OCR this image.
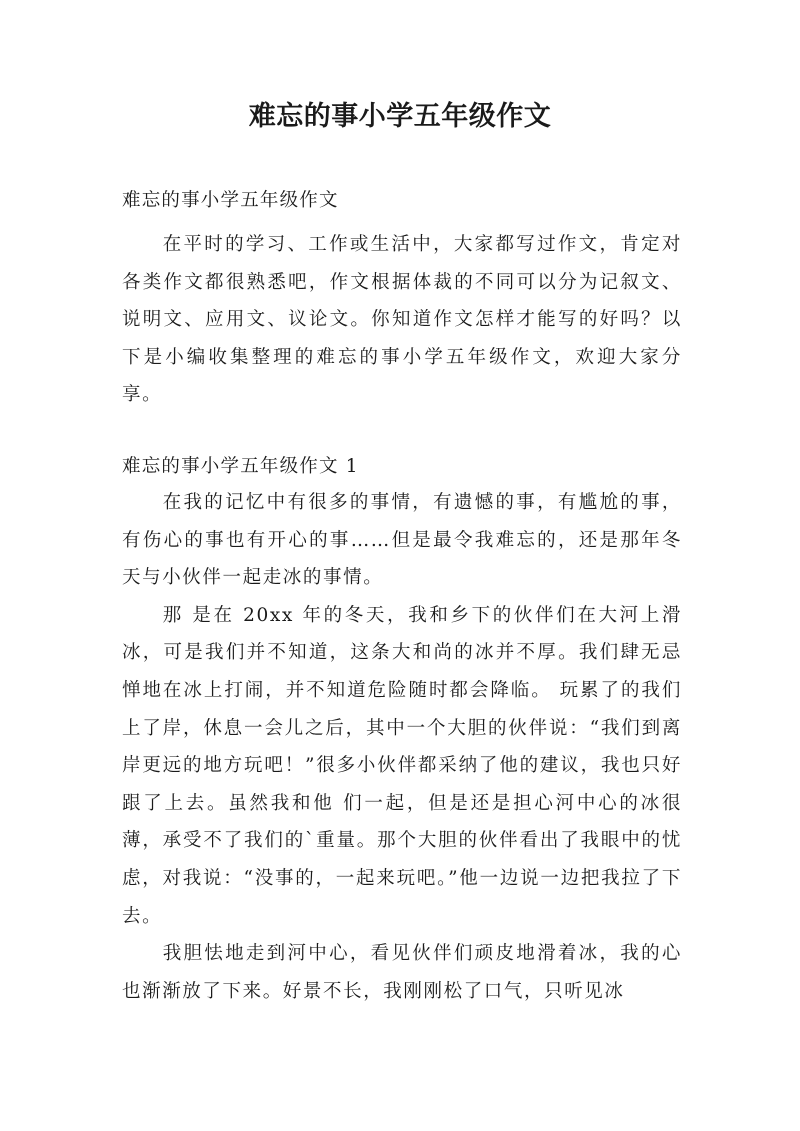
难忘的事小学五年级作文
难忘的事小学五年级作文

在平时的学习、工作或生活中，大家都写过作文，肯定对各类作文都很熟悉吧，作文根据体裁的不同可以分为记叙文、说明文、应用文、议论文。你知道作文怎样才能写的好吗？以下是小编收集整理的难忘的事小学五年级作文，欢迎大家分享。

难忘的事小学五年级作文 1

在我的记忆中有很多的事情，有遗憾的事，有尴尬的事，有伤心的事也有开心的事……但是最令我难忘的，还是那年冬天与小伙伴一起走冰的事情。

那 是在 20xx 年的冬天，我和乡下的伙伴们在大河上滑冰，可是我们并不知道，这条大和尚的冰并不厚。我们肆无忌惮地在冰上打闹，并不知道危险随时都会降临。 玩累了的我们上了岸，休息一会儿之后，其中一个大胆的伙伴说：“我们到离岸更远的地方玩吧！”很多小伙伴都采纳了他的建议，我也只好跟了上去。虽然我和他 们一起，但是还是担心河中心的冰很薄，承受不了我们的`重量。那个大胆的伙伴看出了我眼中的忧虑，对我说：“没事的，一起来玩吧。”他一边说一边把我拉了下 去。

我胆怯地走到河中心，看见伙伴们顽皮地滑着冰，我的心也渐渐放了下来。好景不长，我刚刚松了口气，只听见冰
